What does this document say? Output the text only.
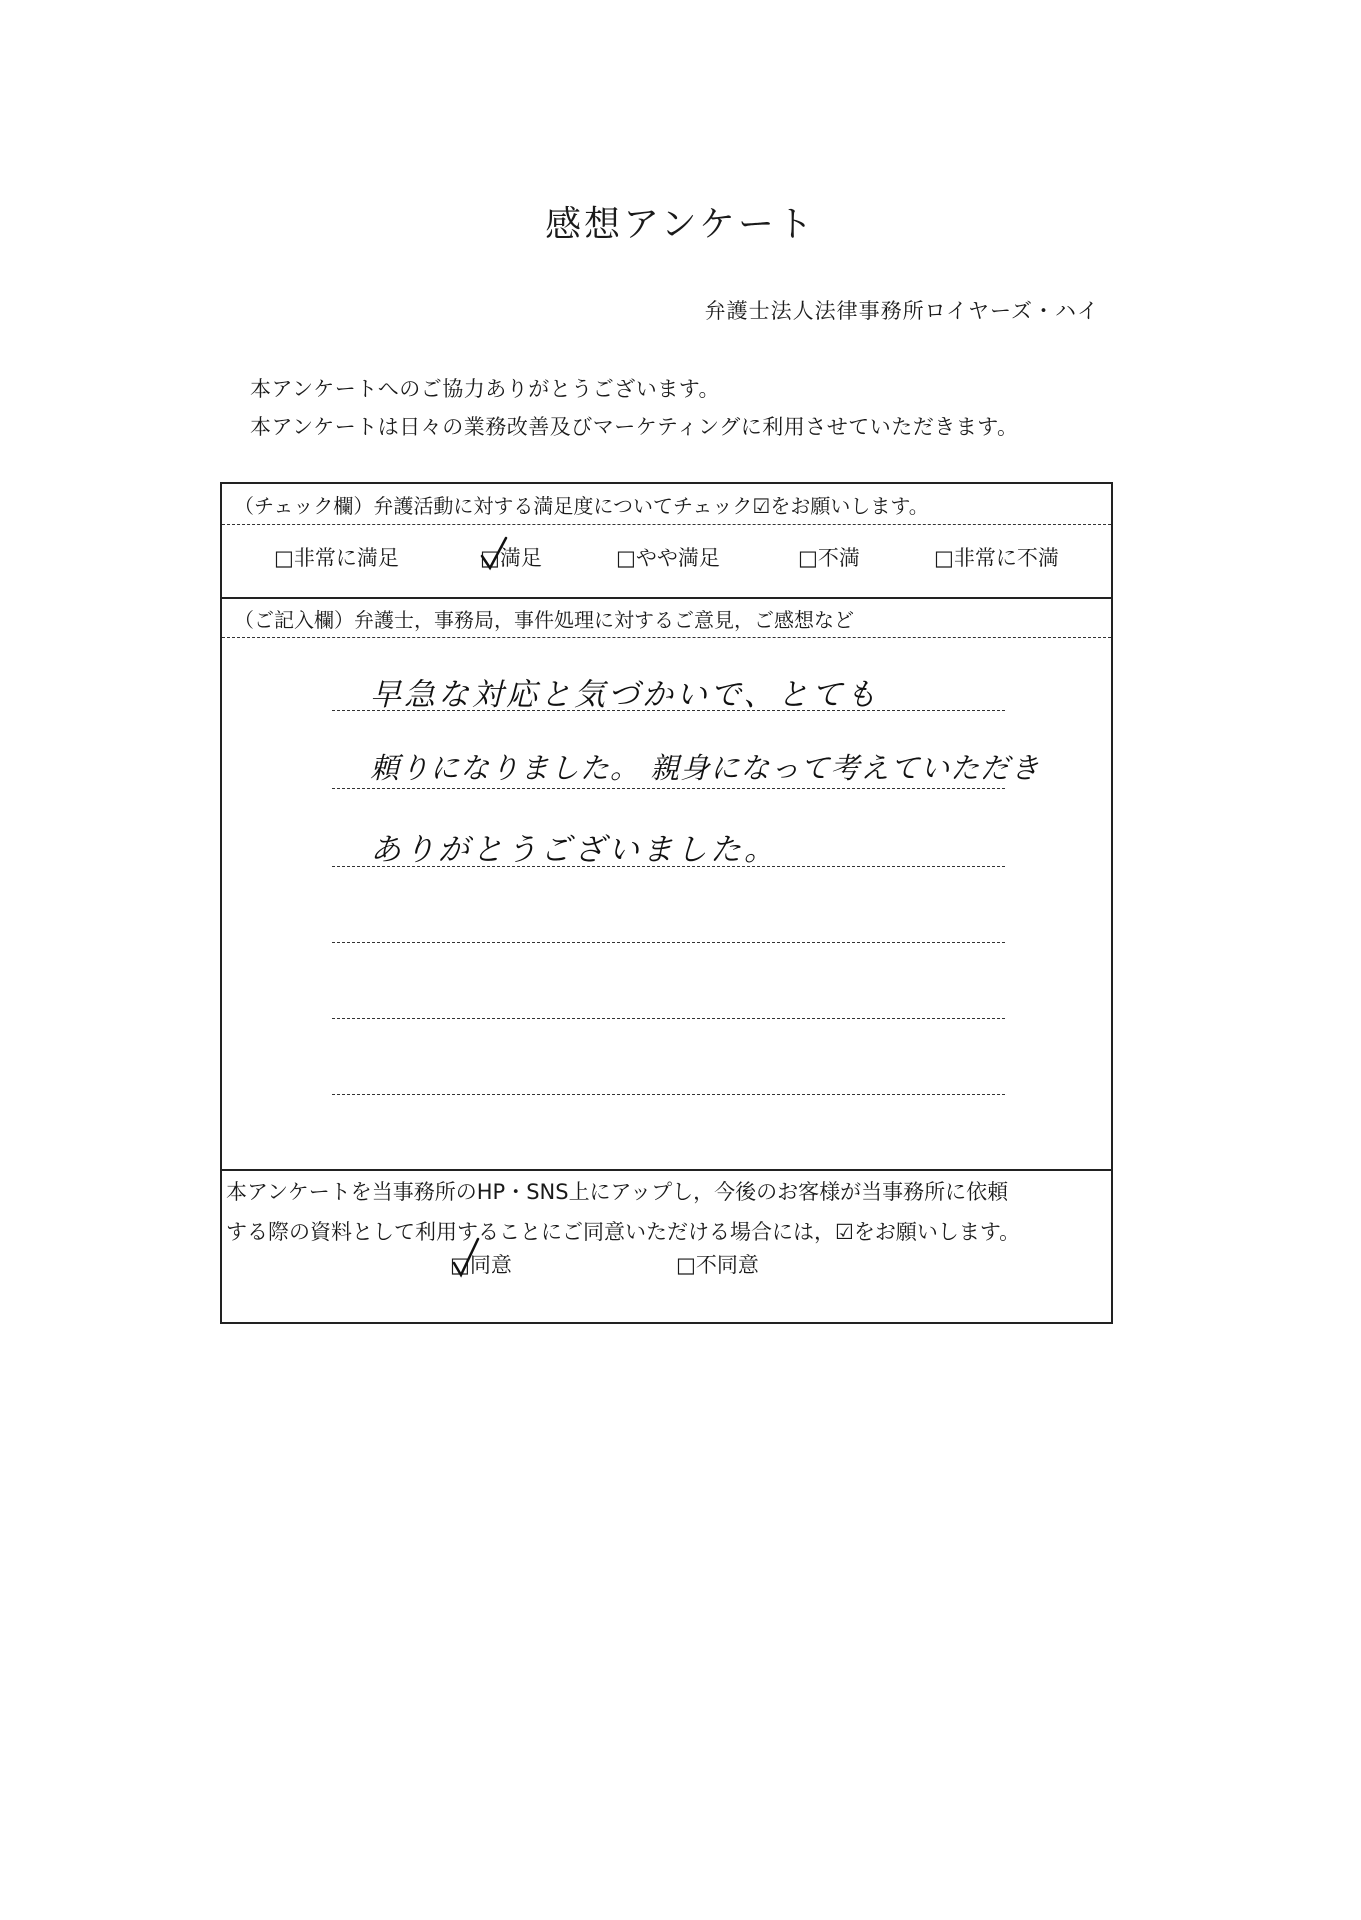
感想アンケート
弁護士法人法律事務所ロイヤーズ・ハイ
本アンケートへのご協力ありがとうございます。
本アンケートは日々の業務改善及びマーケティングに利用させていただきます。
（チェック欄）弁護活動に対する満足度についてチェック☑をお願いします。
□非常に満足	□満足	□やや満足	□不満	□非常に不満
（ご記入欄）弁護士，事務局，事件処理に対するご意見，ご感想など
早急な対応と気づかいで、とても
頼りになりました。 親身になって考えていただき
ありがとうございました。
本アンケートを当事務所のHP・SNS上にアップし，今後のお客様が当事務所に依頼
する際の資料として利用することにご同意いただける場合には，☑をお願いします。
□同意	□不同意
